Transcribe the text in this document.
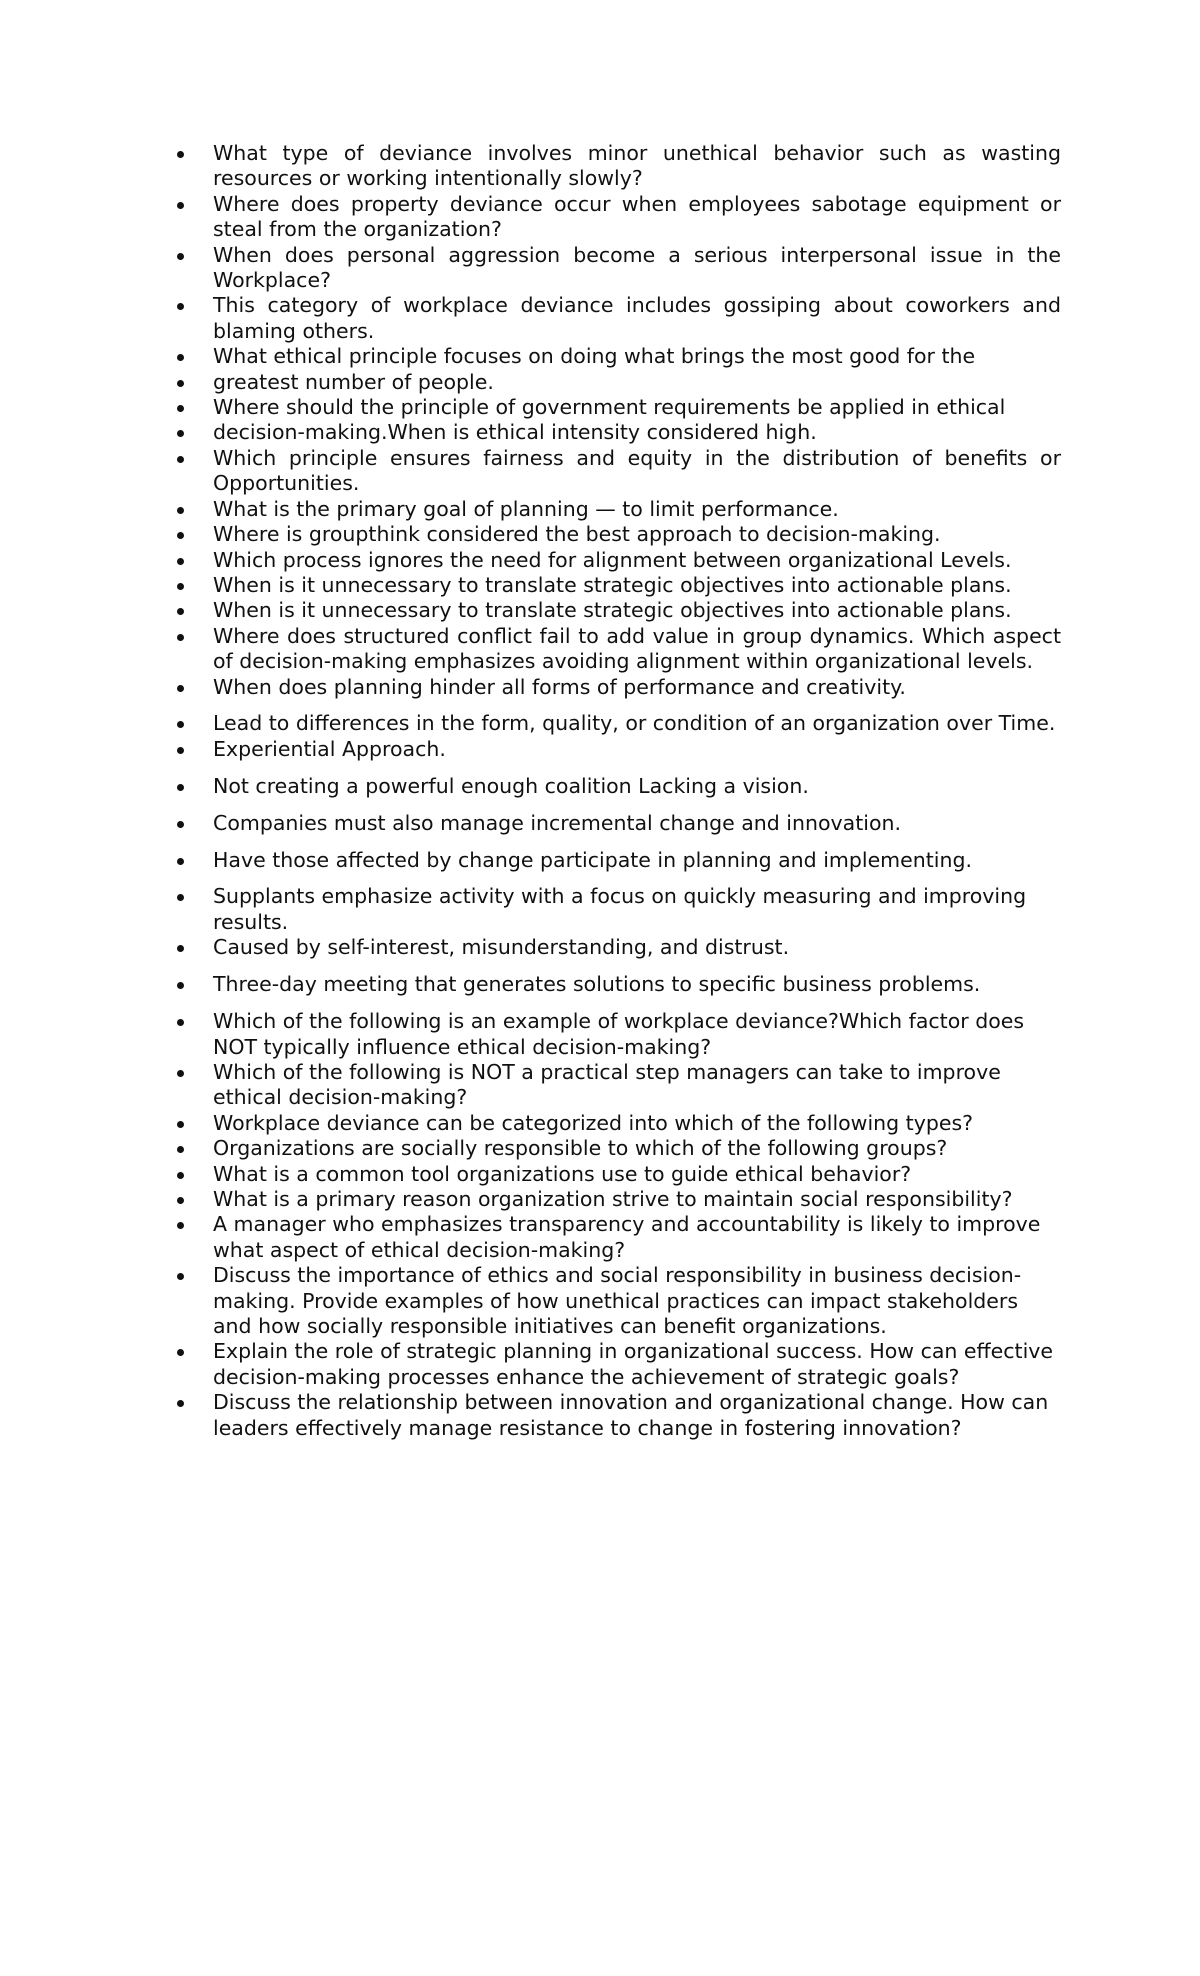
What type of deviance involves minor unethical behavior such as wasting resources or working intentionally slowly?
Where does property deviance occur when employees sabotage equipment or steal from the organization?
When does personal aggression become a serious interpersonal issue in the Workplace?
This category of workplace deviance includes gossiping about coworkers and blaming others.
What ethical principle focuses on doing what brings the most good for the
greatest number of people.
Where should the principle of government requirements be applied in ethical
decision-making.When is ethical intensity considered high.
Which principle ensures fairness and equity in the distribution of benefits or Opportunities.
What is the primary goal of planning — to limit performance.
Where is groupthink considered the best approach to decision-making.
Which process ignores the need for alignment between organizational Levels.
When is it unnecessary to translate strategic objectives into actionable plans.
When is it unnecessary to translate strategic objectives into actionable plans.
Where does structured conflict fail to add value in group dynamics. Which aspect of decision-making emphasizes avoiding alignment within organizational levels.
When does planning hinder all forms of performance and creativity.
Lead to differences in the form, quality, or condition of an organization over Time.
Experiential Approach.
Not creating a powerful enough coalition Lacking a vision.
Companies must also manage incremental change and innovation.
Have those affected by change participate in planning and implementing.
Supplants emphasize activity with a focus on quickly measuring and improving results.
Caused by self-interest, misunderstanding, and distrust.
Three-day meeting that generates solutions to specific business problems.
Which of the following is an example of workplace deviance?Which factor does NOT typically influence ethical decision-making?
Which of the following is NOT a practical step managers can take to improve ethical decision-making?
Workplace deviance can be categorized into which of the following types?
Organizations are socially responsible to which of the following groups?
What is a common tool organizations use to guide ethical behavior?
What is a primary reason organization strive to maintain social responsibility?
A manager who emphasizes transparency and accountability is likely to improve what aspect of ethical decision-making?
Discuss the importance of ethics and social responsibility in business decision-making. Provide examples of how unethical practices can impact stakeholders and how socially responsible initiatives can benefit organizations.
Explain the role of strategic planning in organizational success. How can effective decision-making processes enhance the achievement of strategic goals?
Discuss the relationship between innovation and organizational change. How can leaders effectively manage resistance to change in fostering innovation?
